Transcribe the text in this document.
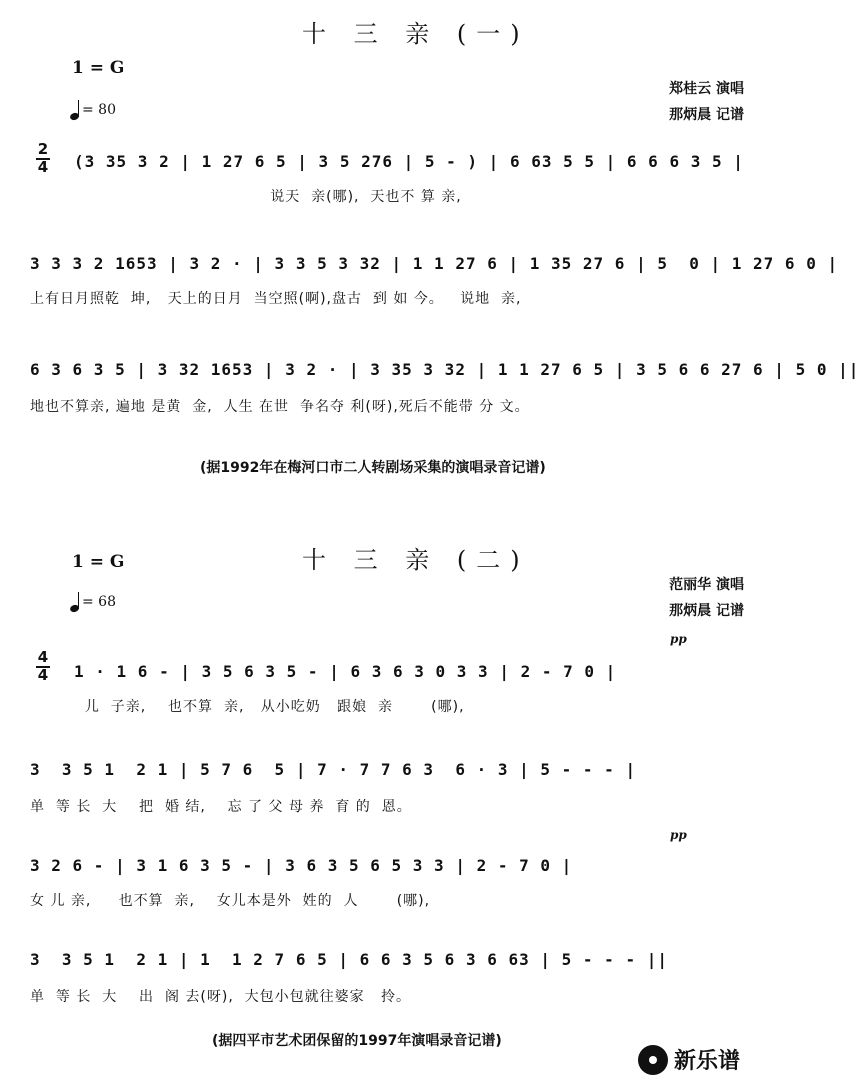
十 三 亲 (一)
1 = G
= 80
郑桂云 演唱
那炳晨 记谱
2
4 (3 35 3 2 | 1 27 6 5 | 3 5 276 | 5 - ) | 6 63 5 5 | 6 6 6 3 5 |
说天  亲(哪),  天也不 算 亲,
3 3 3 2 1653 | 3 2 · | 3 3 5 3 32 | 1 1 27 6 | 1 35 27 6 | 5  0 | 1 27 6 0 |
上有日月照乾  坤,   天上的日月  当空照(啊),盘古  到 如 今。   说地  亲,
6 3 6 3 5 | 3 32 1653 | 3 2 · | 3 35 3 32 | 1 1 27 6 5 | 3 5 6 6 27 6 | 5 0 ||
地也不算亲, 遍地 是黄  金,  人生 在世  争名夺 利(呀),死后不能带 分 文。
(据1992年在梅河口市二人转剧场采集的演唱录音记谱)
十 三 亲 (二)
1 = G
= 68
范丽华 演唱
那炳晨 记谱
4
4
pp
1 · 1 6 - | 3 5 6 3 5 - | 6 3 6 3 0 3 3 | 2 - 7 0 |
儿  子亲,    也不算  亲,   从小吃奶   跟娘  亲       (哪),
3  3 5 1  2 1 | 5 7 6  5 | 7 · 7 7 6 3  6 · 3 | 5 - - - |
单  等 长  大    把  婚 结,    忘 了 父 母 养  育 的  恩。
pp
3 2 6 - | 3 1 6 3 5 - | 3 6 3 5 6 5 3 3 | 2 - 7 0 |
女 儿 亲,     也不算  亲,    女儿本是外  姓的  人       (哪),
3  3 5 1  2 1 | 1  1 2 7 6 5 | 6 6 3 5 6 3 6 63 | 5 - - - ||
单  等 长  大    出  阁 去(呀),  大包小包就往婆家   拎。
(据四平市艺术团保留的1997年演唱录音记谱)
新乐谱
